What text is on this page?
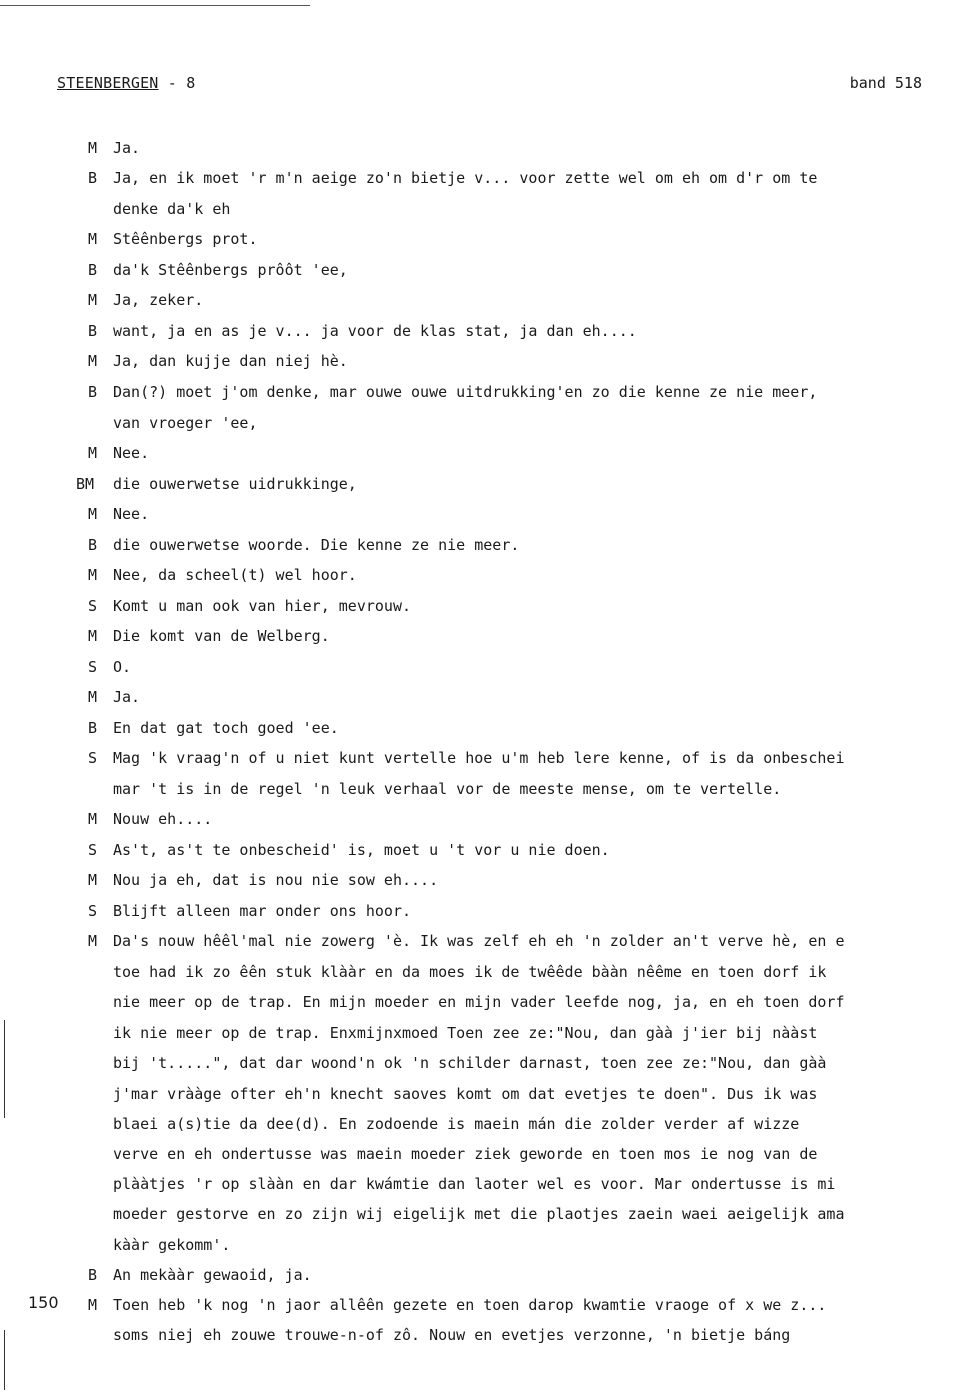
STEENBERGEN - 8	band 518
M	Ja.
B	Ja, en ik moet 'r m'n aeige zo'n bietje v... voor zette wel om eh om d'r om te
denke da'k eh
M	Stêênbergs prot.
B	da'k Stêênbergs prôôt 'ee,
M	Ja, zeker.
B	want, ja en as je v... ja voor de klas stat, ja dan eh....
M	Ja, dan kujje dan niej hè.
B	Dan(?) moet j'om denke, mar ouwe ouwe uitdrukking'en zo die kenne ze nie meer,
van vroeger 'ee,
M	Nee.
BM die ouwerwetse uidrukkinge,
M	Nee.
B	die ouwerwetse woorde. Die kenne ze nie meer.
M	Nee, da scheel(t) wel hoor.
S	Komt u man ook van hier, mevrouw.
M	Die komt van de Welberg.
S	O.
M	Ja.
B	En dat gat toch goed 'ee.
S	Mag 'k vraag'n of u niet kunt vertelle hoe u'm heb lere kenne, of is da onbeschei
mar 't is in de regel 'n leuk verhaal vor de meeste mense, om te vertelle.
M	Nouw eh....
S	As't, as't te onbescheid' is, moet u 't vor u nie doen.
M	Nou ja eh, dat is nou nie sow eh....
S	Blijft alleen mar onder ons hoor.
M	Da's nouw hêêl'mal nie zowerg 'è. Ik was zelf eh eh 'n zolder an't verve hè, en e
toe had ik zo êên stuk klààr en da moes ik de twêêde bààn nêême en toen dorf ik
nie meer op de trap. En mijn moeder en mijn vader leefde nog, ja, en eh toen dorf
ik nie meer op de trap. Enxmijnxmoed Toen zee ze:"Nou, dan gàà j'ier bij nààst
bij 't.....", dat dar woond'n ok 'n schilder darnast, toen zee ze:"Nou, dan gàà
j'mar vrààge ofter eh'n knecht saoves komt om dat evetjes te doen". Dus ik was
blaei a(s)tie da dee(d). En zodoende is maein mán die zolder verder af wizze
verve en eh ondertusse was maein moeder ziek geworde en toen mos ie nog van de
plààtjes 'r op slààn en dar kwámtie dan laoter wel es voor. Mar ondertusse is mi
moeder gestorve en zo zijn wij eigelijk met die plaotjes zaein waei aeigelijk ama
kààr gekomm'.
B	An mekààr gewaoid, ja.
M	Toen heb 'k nog 'n jaor allêên gezete en toen darop kwamtie vraoge of x we z...
soms niej eh zouwe trouwe-n-of zô. Nouw en evetjes verzonne, 'n bietje báng
150
